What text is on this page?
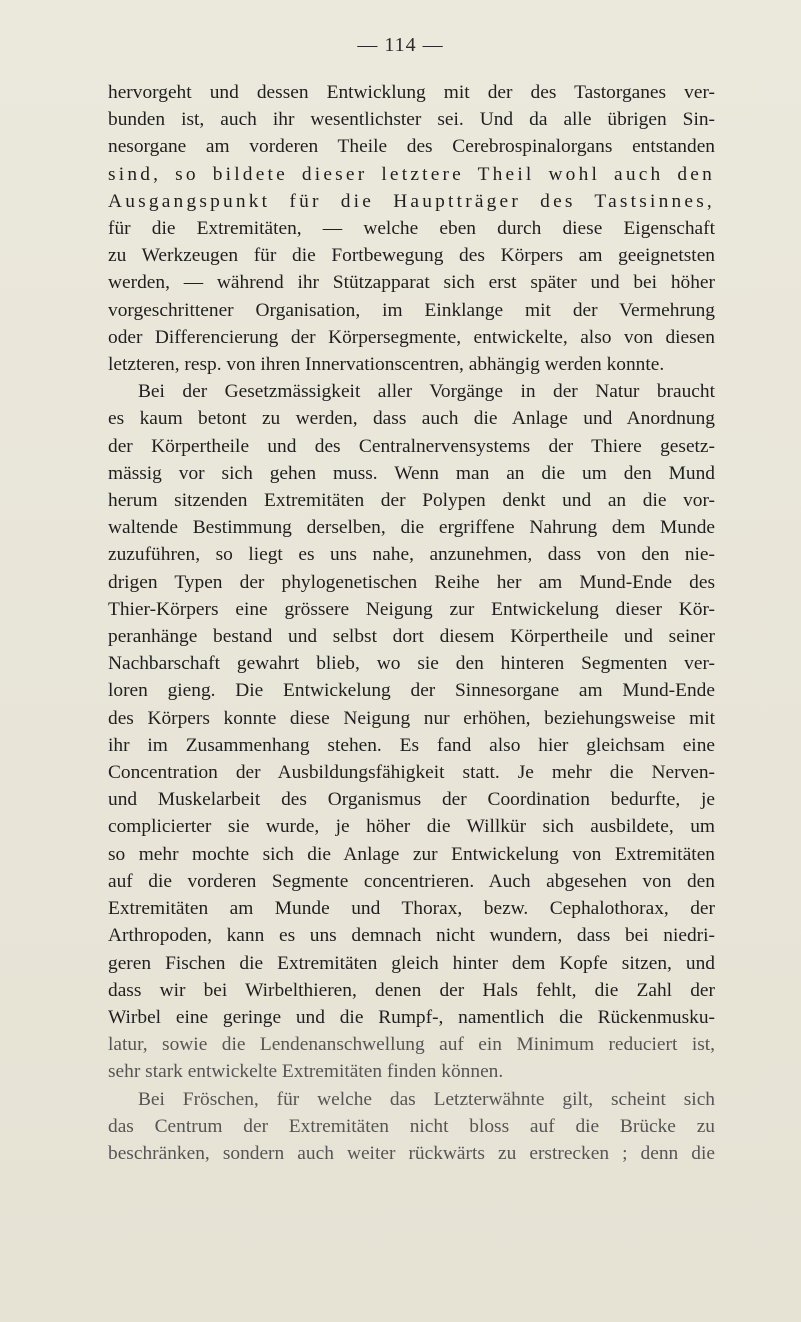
— 114 —
hervorgeht und dessen Entwicklung mit der des Tastorganes ver-
bunden ist, auch ihr wesentlichster sei. Und da alle übrigen Sin-
nesorgane am vorderen Theile des Cerebrospinalorgans entstanden
sind, so bildete dieser letztere Theil wohl auch den
Ausgangspunkt für die Hauptträger des Tastsinnes,
für die Extremitäten, — welche eben durch diese Eigenschaft
zu Werkzeugen für die Fortbewegung des Körpers am geeignetsten
werden, — während ihr Stützapparat sich erst später und bei höher
vorgeschrittener Organisation, im Einklange mit der Vermehrung
oder Differencierung der Körpersegmente, entwickelte, also von diesen
letzteren, resp. von ihren Innervationscentren, abhängig werden konnte.
Bei der Gesetzmässigkeit aller Vorgänge in der Natur braucht
es kaum betont zu werden, dass auch die Anlage und Anordnung
der Körpertheile und des Centralnervensystems der Thiere gesetz-
mässig vor sich gehen muss. Wenn man an die um den Mund
herum sitzenden Extremitäten der Polypen denkt und an die vor-
waltende Bestimmung derselben, die ergriffene Nahrung dem Munde
zuzuführen, so liegt es uns nahe, anzunehmen, dass von den nie-
drigen Typen der phylogenetischen Reihe her am Mund-Ende des
Thier-Körpers eine grössere Neigung zur Entwickelung dieser Kör-
peranhänge bestand und selbst dort diesem Körpertheile und seiner
Nachbarschaft gewahrt blieb, wo sie den hinteren Segmenten ver-
loren gieng. Die Entwickelung der Sinnesorgane am Mund-Ende
des Körpers konnte diese Neigung nur erhöhen, beziehungsweise mit
ihr im Zusammenhang stehen. Es fand also hier gleichsam eine
Concentration der Ausbildungsfähigkeit statt. Je mehr die Nerven-
und Muskelarbeit des Organismus der Coordination bedurfte, je
complicierter sie wurde, je höher die Willkür sich ausbildete, um
so mehr mochte sich die Anlage zur Entwickelung von Extremitäten
auf die vorderen Segmente concentrieren. Auch abgesehen von den
Extremitäten am Munde und Thorax, bezw. Cephalothorax, der
Arthropoden, kann es uns demnach nicht wundern, dass bei niedri-
geren Fischen die Extremitäten gleich hinter dem Kopfe sitzen, und
dass wir bei Wirbelthieren, denen der Hals fehlt, die Zahl der
Wirbel eine geringe und die Rumpf-, namentlich die Rückenmusku-
latur, sowie die Lendenanschwellung auf ein Minimum reduciert ist,
sehr stark entwickelte Extremitäten finden können.
Bei Fröschen, für welche das Letzterwähnte gilt, scheint sich
das Centrum der Extremitäten nicht bloss auf die Brücke zu
beschränken, sondern auch weiter rückwärts zu erstrecken ; denn die
